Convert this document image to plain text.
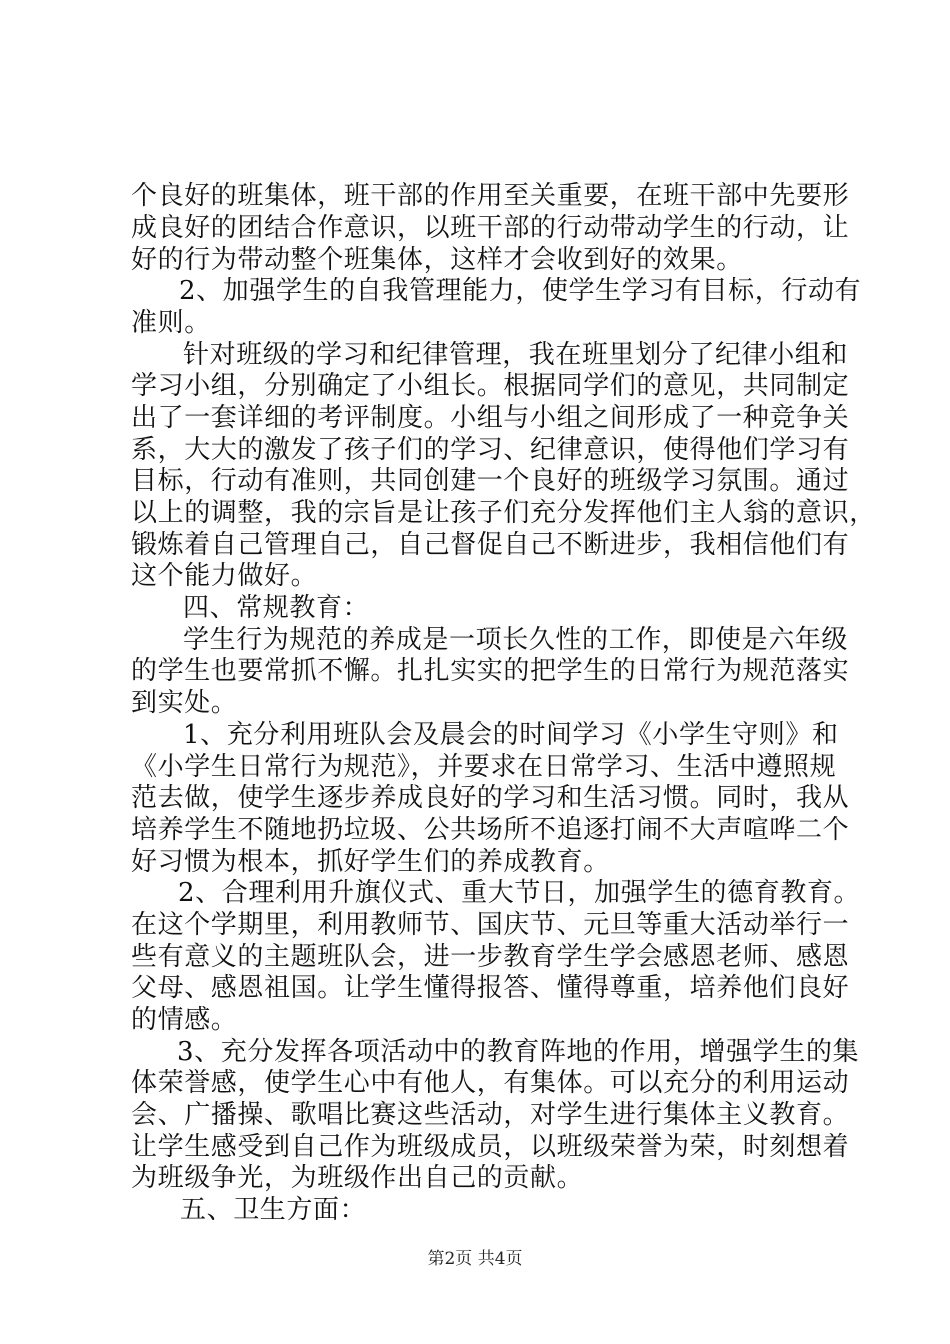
个良好的班集体，班干部的作用至关重要，在班干部中先要形
成良好的团结合作意识，以班干部的行动带动学生的行动，让
好的行为带动整个班集体，这样才会收到好的效果。
2、加强学生的自我管理能力，使学生学习有目标，行动有
准则。
针对班级的学习和纪律管理，我在班里划分了纪律小组和
学习小组，分别确定了小组长。根据同学们的意见，共同制定
出了一套详细的考评制度。小组与小组之间形成了一种竞争关
系，大大的激发了孩子们的学习、纪律意识，使得他们学习有
目标，行动有准则，共同创建一个良好的班级学习氛围。通过
以上的调整，我的宗旨是让孩子们充分发挥他们主人翁的意识，
锻炼着自己管理自己，自己督促自己不断进步，我相信他们有
这个能力做好。
四、常规教育：
学生行为规范的养成是一项长久性的工作，即使是六年级
的学生也要常抓不懈。扎扎实实的把学生的日常行为规范落实
到实处。
1、充分利用班队会及晨会的时间学习《小学生守则》和
《小学生日常行为规范》，并要求在日常学习、生活中遵照规
范去做，使学生逐步养成良好的学习和生活习惯。同时，我从
培养学生不随地扔垃圾、公共场所不追逐打闹不大声喧哗二个
好习惯为根本，抓好学生们的养成教育。
2、合理利用升旗仪式、重大节日，加强学生的德育教育。
在这个学期里，利用教师节、国庆节、元旦等重大活动举行一
些有意义的主题班队会，进一步教育学生学会感恩老师、感恩
父母、感恩祖国。让学生懂得报答、懂得尊重，培养他们良好
的情感。
3、充分发挥各项活动中的教育阵地的作用，增强学生的集
体荣誉感，使学生心中有他人，有集体。可以充分的利用运动
会、广播操、歌唱比赛这些活动，对学生进行集体主义教育。
让学生感受到自己作为班级成员，以班级荣誉为荣，时刻想着
为班级争光，为班级作出自己的贡献。
五、卫生方面：
第2页 共4页
